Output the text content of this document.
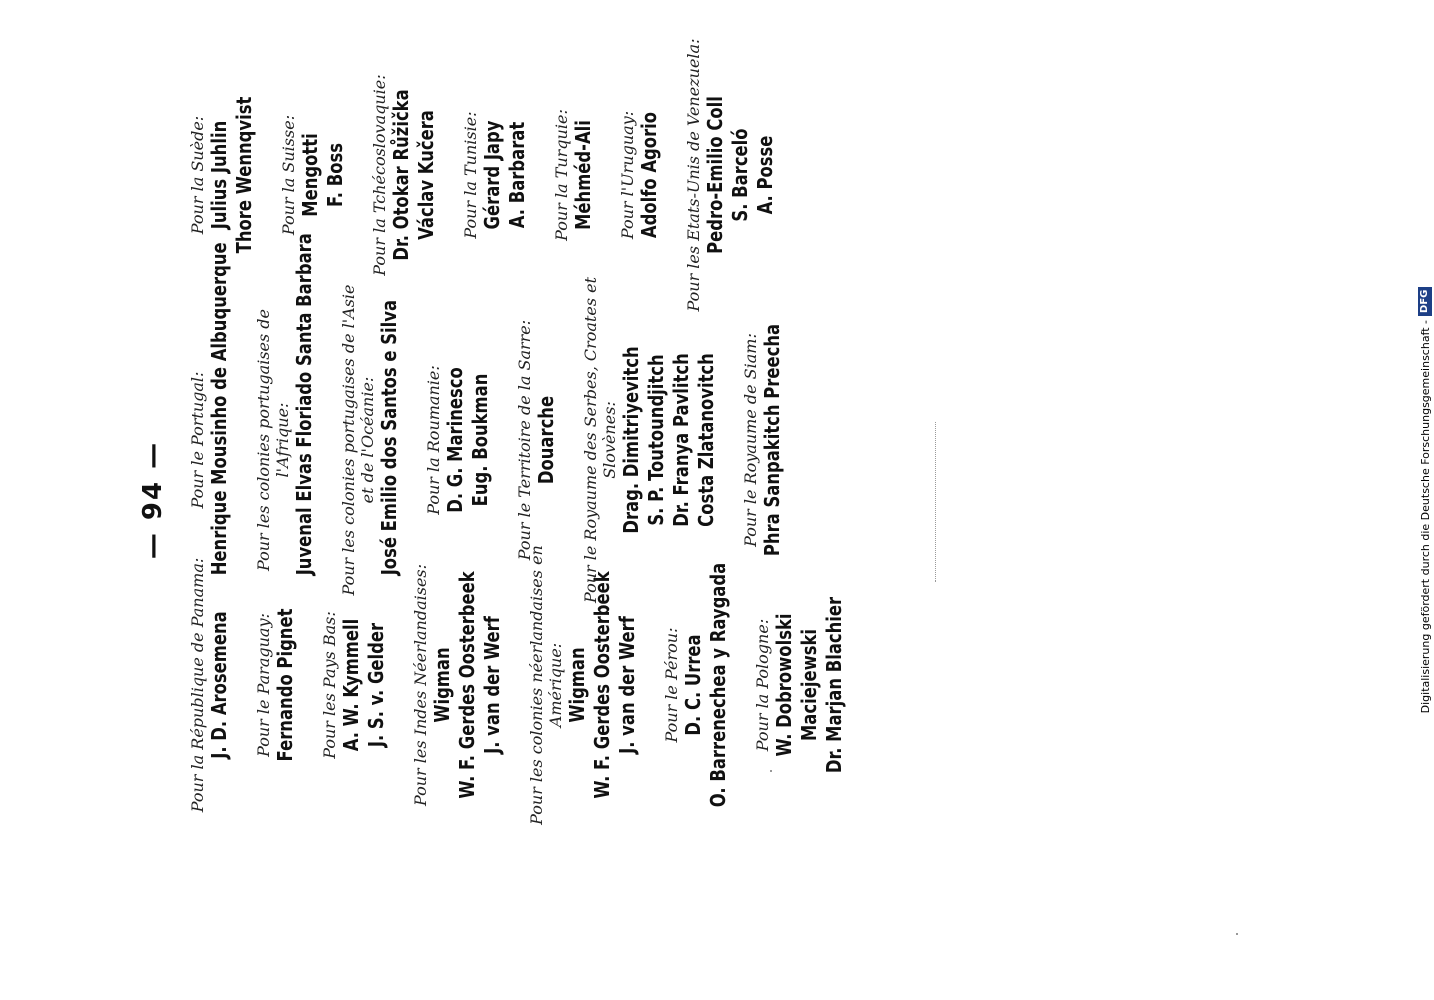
— 94 —
Pour la République de Panama: J. D. Arosemena Pour le Paraguay: Fernando Pignet Pour les Pays Bas: A. W. Kymmell J. S. v. Gelder Pour les Indes Néerlandaises: Wigman W. F. Gerdes Oosterbeek J. van der Werf Pour les colonies néerlandaises en Amérique: Wigman W. F. Gerdes Oosterbeek J. van der Werf Pour le Pérou: D. C. Urrea O. Barrenechea y Raygada Pour la Pologne: W. Dobrowolski Maciejewski Dr. Marjan Blachier
Pour le Portugal: Henrique Mousinho de Albuquerque Pour les colonies portugaises de l'Afrique: Juvenal Elvas Floriado Santa Barbara Pour les colonies portugaises de l'Asie et de l'Océanie: José Emilio dos Santos e Silva Pour la Roumanie: D. G. Marinesco Eug. Boukman Pour le Territoire de la Sarre: Douarche Pour le Royaume des Serbes, Croates et Slovènes: Drag. Dimitriyevitch S. P. Toutoundjitch Dr. Franya Pavlitch Costa Zlatanovitch Pour le Royaume de Siam: Phra Sanpakitch Preecha
Pour la Suède: Julius Juhlin Thore Wennqvist Pour la Suisse: Mengotti F. Boss Pour la Tchécoslovaquie: Dr. Otokar Růžička Václav Kučera Pour la Tunisie: Gérard Japy A. Barbarat Pour la Turquie: Méhméd-Ali Pour l'Uruguay: Adolfo Agorio Pour les Etats-Unis de Venezuela: Pedro-Emilio Coll S. Barceló A. Posse
Digitalisierung gefördert durch die Deutsche Forschungsgemeinschaft -
DFG
